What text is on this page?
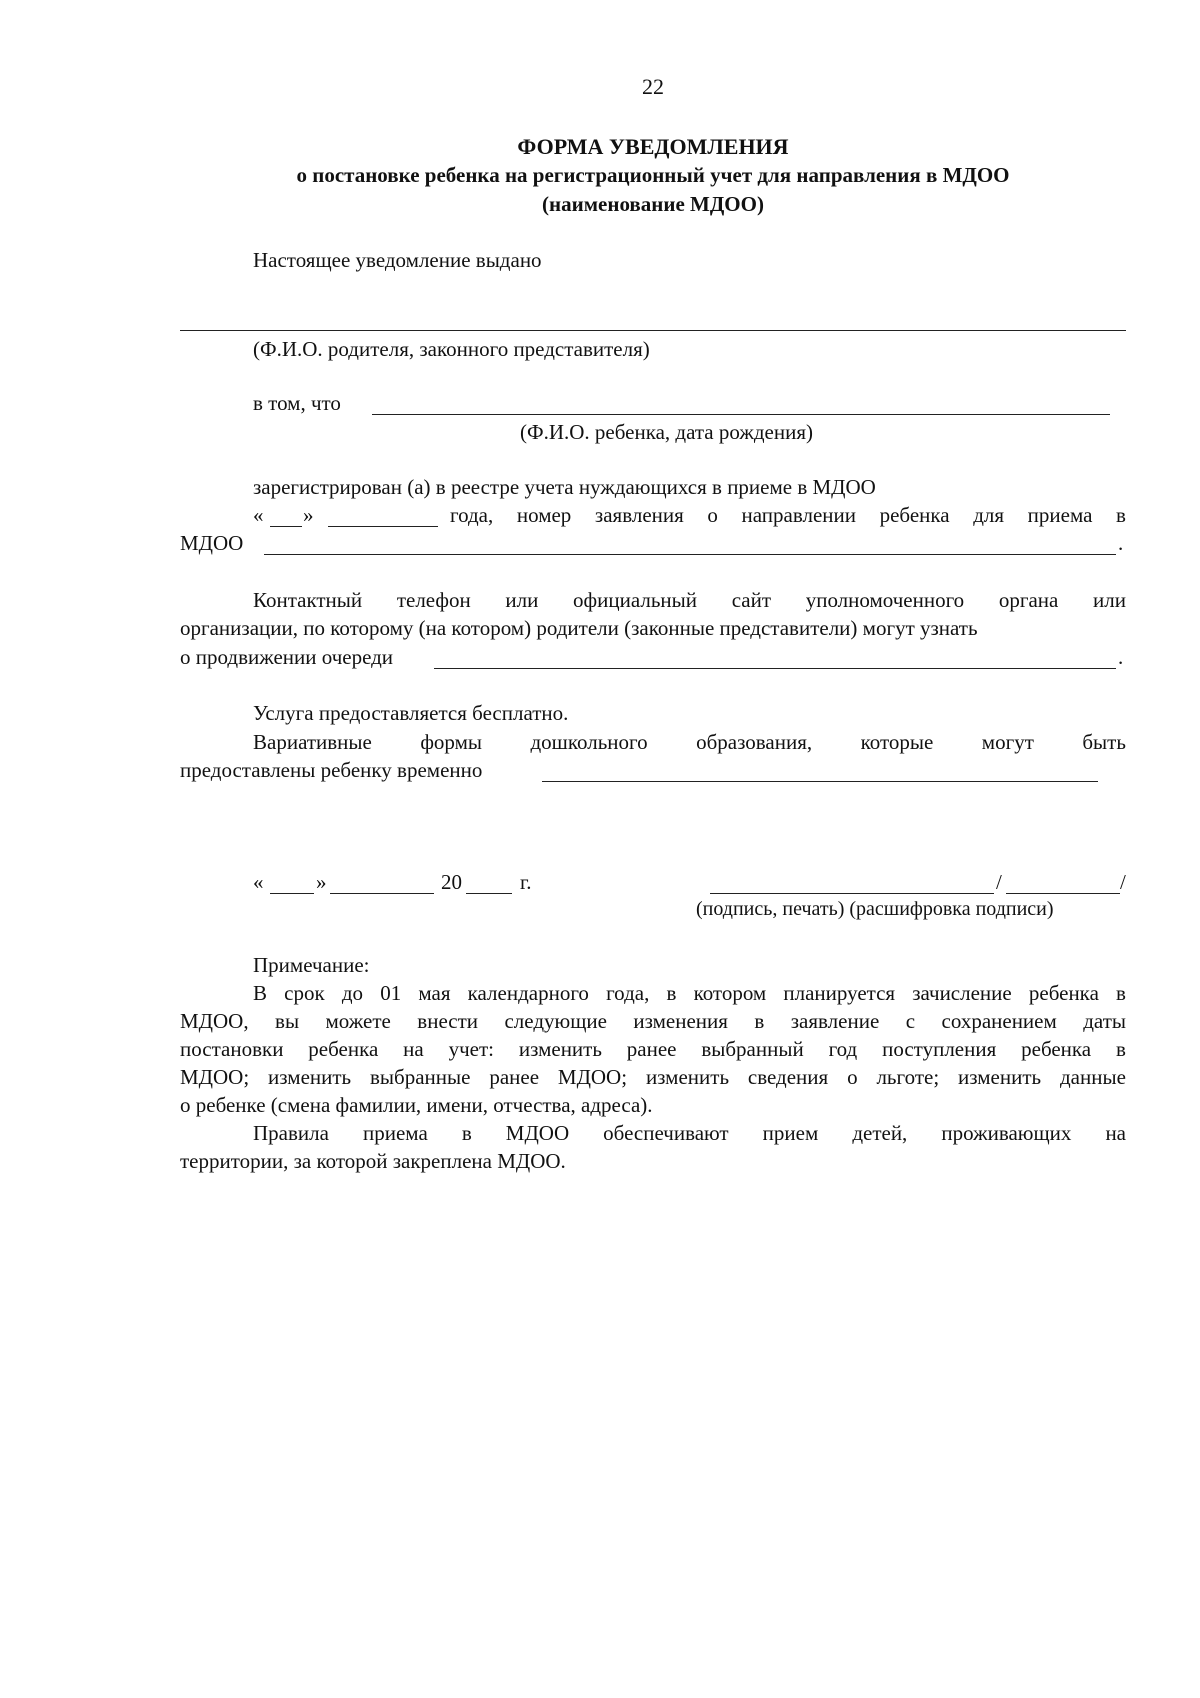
22
ФОРМА УВЕДОМЛЕНИЯ
о постановке ребенка на регистрационный учет для направления в МДОО
(наименование МДОО)
Настоящее уведомление выдано
(Ф.И.О. родителя, законного представителя)
в том, что
(Ф.И.О. ребенка, дата рождения)
зарегистрирован (а) в реестре учета нуждающихся в приеме в МДОО
« »	года, номер заявления о направлении ребенка для приема в
МДОО	.
Контактный телефон или официальный сайт уполномоченного органа или
организации, по которому (на котором) родители (законные представители) могут узнать
о продвижении очереди	.
Услуга предоставляется бесплатно.
Вариативные формы дошкольного образования, которые могут быть
предоставлены ребенку временно
«	»	20	г.	/	/
(подпись, печать) (расшифровка подписи)
Примечание:
В срок до 01 мая календарного года, в котором планируется зачисление ребенка в
МДОО, вы можете внести следующие изменения в заявление с сохранением даты
постановки ребенка на учет: изменить ранее выбранный год поступления ребенка в
МДОО; изменить выбранные ранее МДОО; изменить сведения о льготе; изменить данные
о ребенке (смена фамилии, имени, отчества, адреса).
Правила приема в МДОО обеспечивают прием детей, проживающих на
территории, за которой закреплена МДОО.
